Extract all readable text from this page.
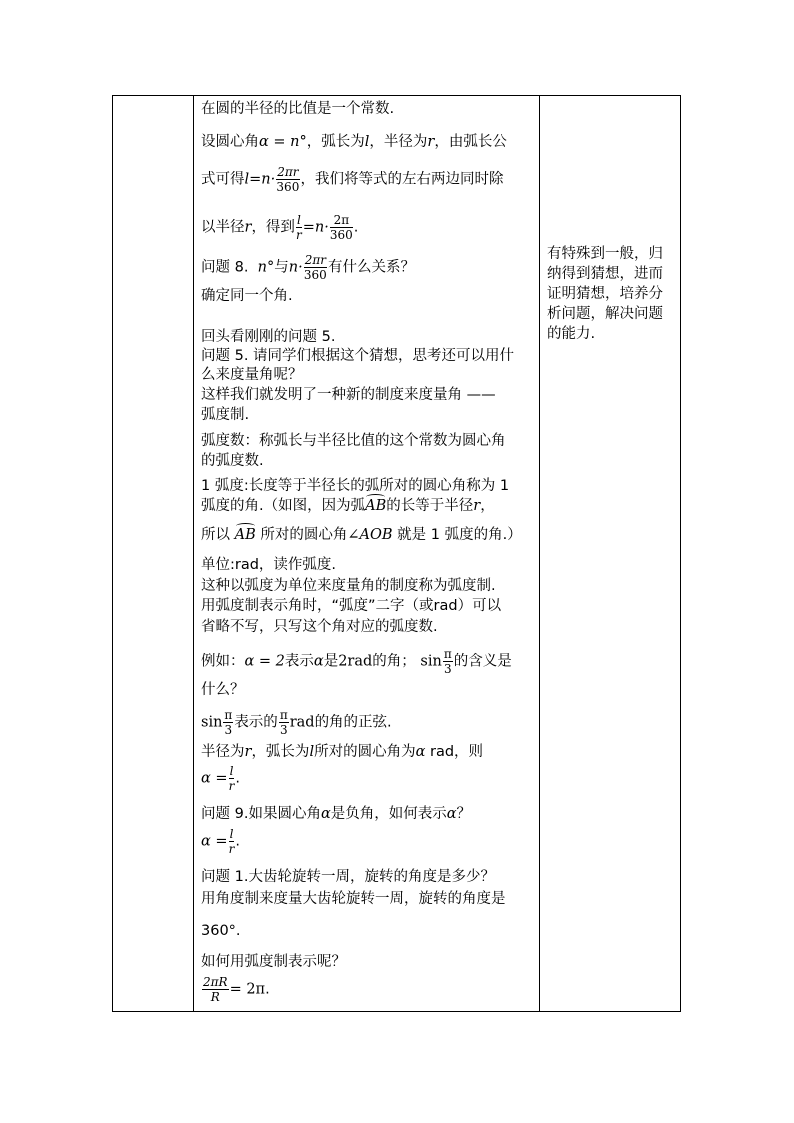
在圆的半径的比值是一个常数.
设圆心角α = n°，弧长为l，半径为r，由弧长公
式可得$l=n\cdot \frac{2\pi r}{360}$ ，我们将等式的左右两边同时除
以半径r，得到 $\frac{l}{r} =n\cdot \frac{2\pi}{360}$ .
问题 8. n°与$n\cdot \frac{2\pi r}{360}$ 有什么关系？
确定同一个角.
回头看刚刚的问题 5.
问题 5. 请同学们根据这个猜想，思考还可以用什
么来度量角呢？
这样我们就发明了一种新的制度来度量角 ——
弧度制.
弧度数：称弧长与半径比值的这个常数为圆心角
的弧度数.
1 弧度:长度等于半径长的弧所对的圆心角称为 1
弧度的角.（如图，因为弧AB的长等于半径r，
所以 AB 所对的圆心角∠AOB 就是 1 弧度的角.）
单位:rad，读作弧度.
这种以弧度为单位来度量角的制度称为弧度制.
用弧度制表示角时，“弧度”二字（或rad）可以
省略不写，只写这个角对应的弧度数.
例如：α = 2表示α是2rad的角； $\sin \frac{\pi}{3}$ 的含义是
什么？
$\sin \frac{\pi}{3}$ 表示的 $\frac{\pi}{3}$ rad的角的正弦.
半径为r，弧长为l所对的圆心角为α rad，则
$\alpha = \frac{l}{r}$ .
问题 9.如果圆心角α是负角，如何表示α？
$\alpha = \frac{l}{r}$ .
问题 1.大齿轮旋转一周，旋转的角度是多少？
用角度制来度量大齿轮旋转一周，旋转的角度是
360°.
如何用弧度制表示呢？
$\frac{2\pi R}{R} = 2\pi$.
有特殊到一般，归
纳得到猜想，进而
证明猜想，培养分
析问题，解决问题
的能力.
